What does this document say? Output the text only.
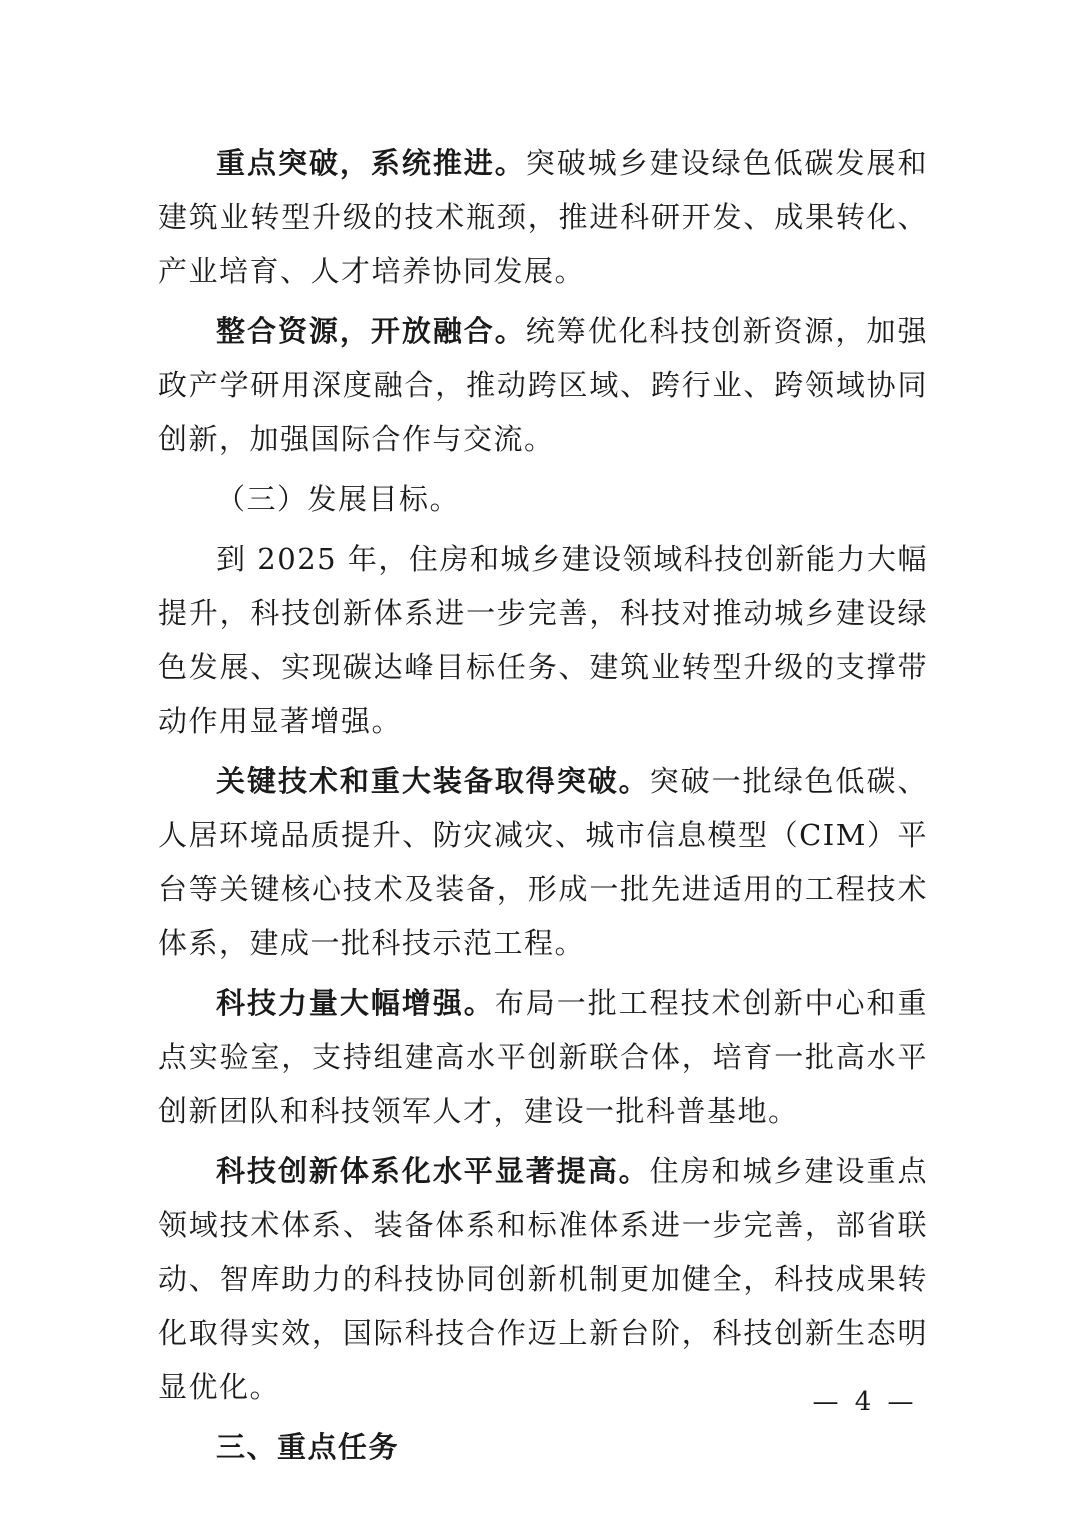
重点突破，系统推进。突破城乡建设绿色低碳发展和建筑业转型升级的技术瓶颈，推进科研开发、成果转化、产业培育、人才培养协同发展。

整合资源，开放融合。统筹优化科技创新资源，加强政产学研用深度融合，推动跨区域、跨行业、跨领域协同创新，加强国际合作与交流。

（三）发展目标。

到 2025 年，住房和城乡建设领域科技创新能力大幅提升，科技创新体系进一步完善，科技对推动城乡建设绿色发展、实现碳达峰目标任务、建筑业转型升级的支撑带动作用显著增强。

关键技术和重大装备取得突破。突破一批绿色低碳、人居环境品质提升、防灾减灾、城市信息模型（CIM）平台等关键核心技术及装备，形成一批先进适用的工程技术体系，建成一批科技示范工程。

科技力量大幅增强。布局一批工程技术创新中心和重点实验室，支持组建高水平创新联合体，培育一批高水平创新团队和科技领军人才，建设一批科普基地。

科技创新体系化水平显著提高。住房和城乡建设重点领域技术体系、装备体系和标准体系进一步完善，部省联动、智库助力的科技协同创新机制更加健全，科技成果转化取得实效，国际科技合作迈上新台阶，科技创新生态明显优化。

三、重点任务

— 4 —
